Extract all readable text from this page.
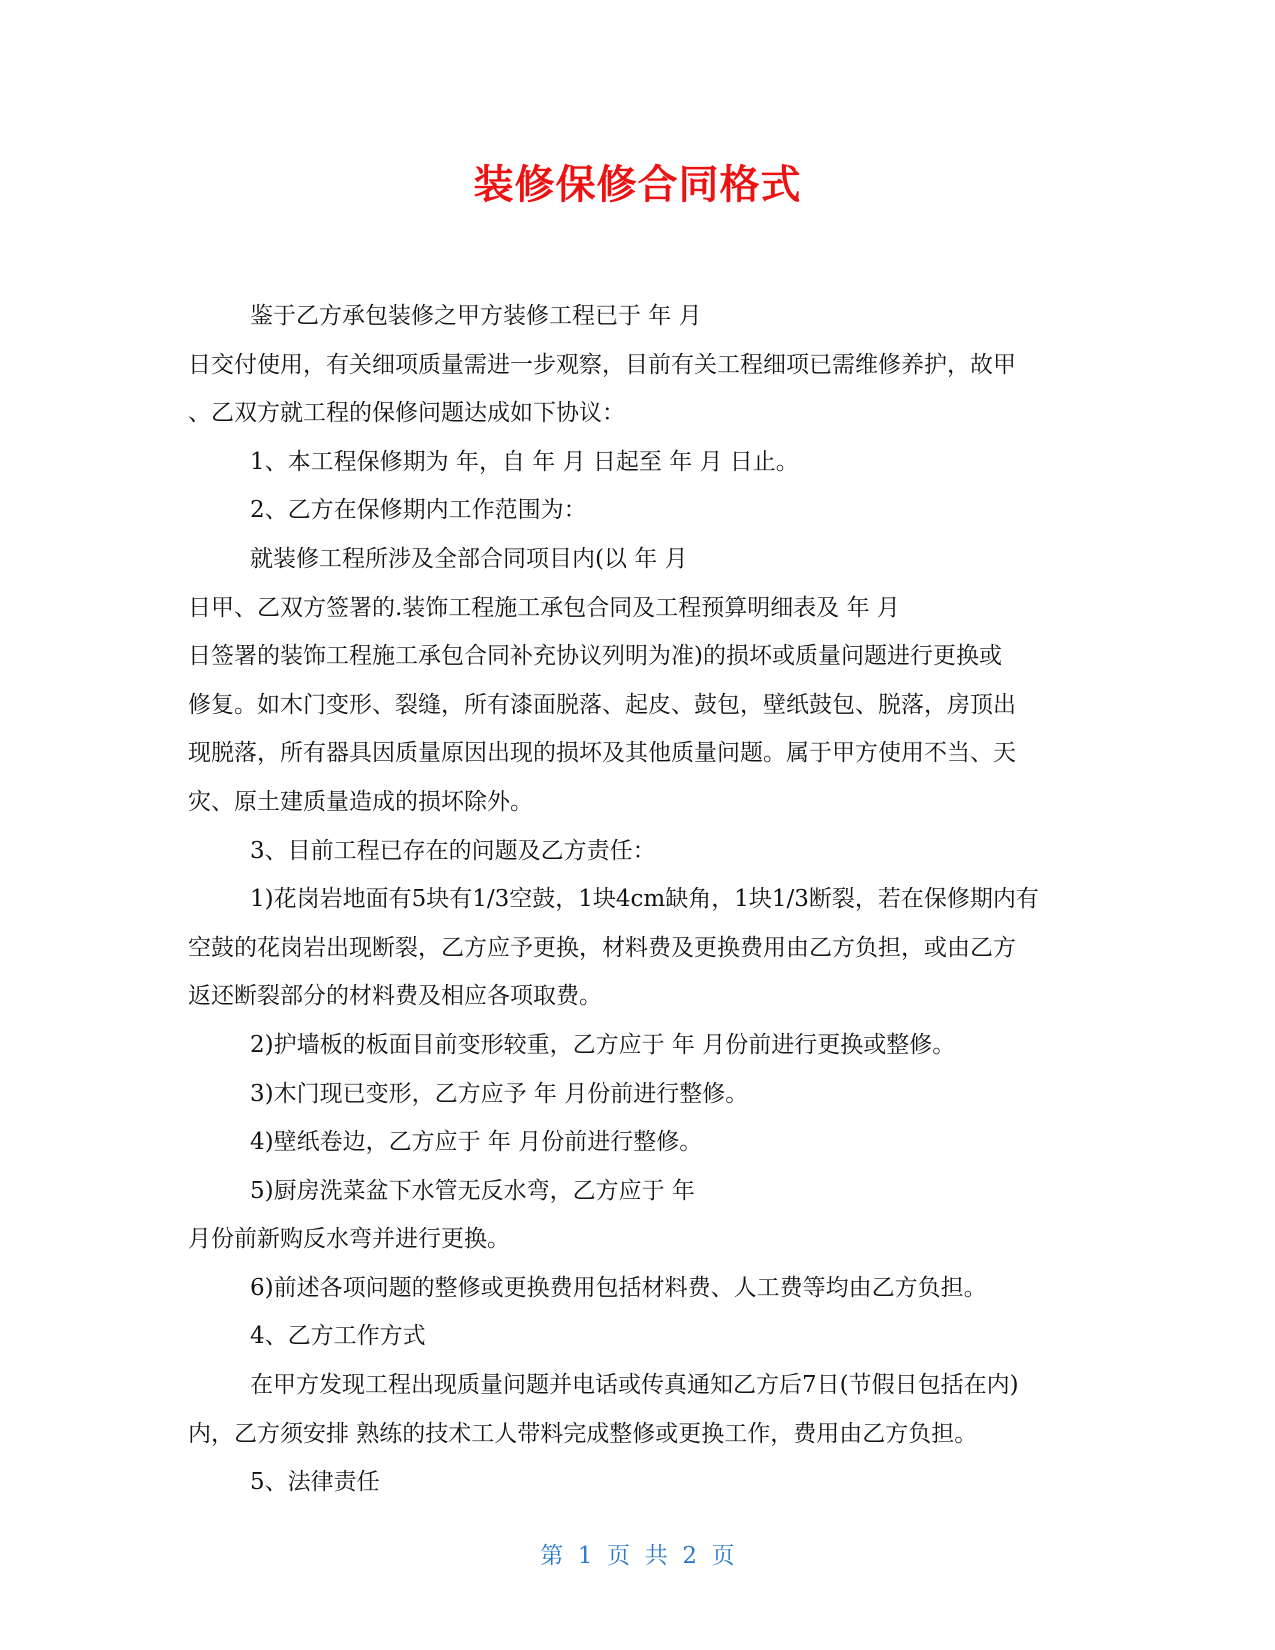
装修保修合同格式
鉴于乙方承包装修之甲方装修工程已于 年 月
日交付使用，有关细项质量需进一步观察，目前有关工程细项已需维修养护，故甲
、乙双方就工程的保修问题达成如下协议：
1、本工程保修期为 年，自 年 月 日起至 年 月 日止。
2、乙方在保修期内工作范围为：
就装修工程所涉及全部合同项目内(以 年 月
日甲、乙双方签署的.装饰工程施工承包合同及工程预算明细表及 年 月
日签署的装饰工程施工承包合同补充协议列明为准)的损坏或质量问题进行更换或
修复。如木门变形、裂缝，所有漆面脱落、起皮、鼓包，壁纸鼓包、脱落，房顶出
现脱落，所有器具因质量原因出现的损坏及其他质量问题。属于甲方使用不当、天
灾、原土建质量造成的损坏除外。
3、目前工程已存在的问题及乙方责任：
1)花岗岩地面有5块有1/3空鼓，1块4cm缺角，1块1/3断裂，若在保修期内有
空鼓的花岗岩出现断裂，乙方应予更换，材料费及更换费用由乙方负担，或由乙方
返还断裂部分的材料费及相应各项取费。
2)护墙板的板面目前变形较重，乙方应于 年 月份前进行更换或整修。
3)木门现已变形，乙方应予 年 月份前进行整修。
4)壁纸卷边，乙方应于 年 月份前进行整修。
5)厨房洗菜盆下水管无反水弯，乙方应于 年
月份前新购反水弯并进行更换。
6)前述各项问题的整修或更换费用包括材料费、人工费等均由乙方负担。
4、乙方工作方式
在甲方发现工程出现质量问题并电话或传真通知乙方后7日(节假日包括在内)
内，乙方须安排 熟练的技术工人带料完成整修或更换工作，费用由乙方负担。
5、法律责任
第  1  页  共  2  页
